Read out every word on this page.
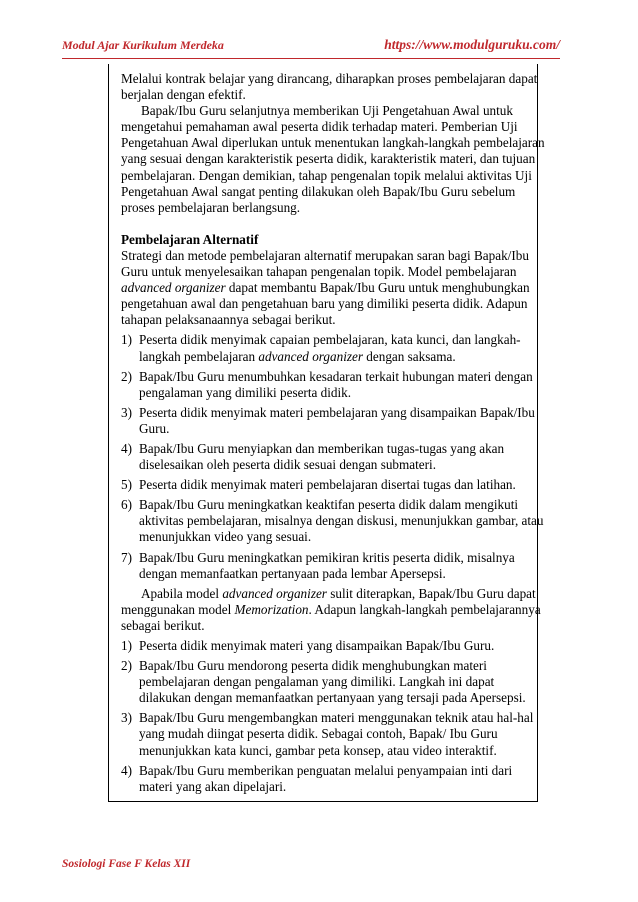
Modul Ajar Kurikulum Merdeka	https://www.modulguruku.com/

Melalui kontrak belajar yang dirancang, diharapkan proses pembelajaran dapat berjalan dengan efektif.

Bapak/Ibu Guru selanjutnya memberikan Uji Pengetahuan Awal untuk mengetahui pemahaman awal peserta didik terhadap materi. Pemberian Uji Pengetahuan Awal diperlukan untuk menentukan langkah-langkah pembelajaran yang sesuai dengan karakteristik peserta didik, karakteristik materi, dan tujuan pembelajaran. Dengan demikian, tahap pengenalan topik melalui aktivitas Uji Pengetahuan Awal sangat penting dilakukan oleh Bapak/Ibu Guru sebelum proses pembelajaran berlangsung.

Pembelajaran Alternatif

Strategi dan metode pembelajaran alternatif merupakan saran bagi Bapak/Ibu Guru untuk menyelesaikan tahapan pengenalan topik. Model pembelajaran advanced organizer dapat membantu Bapak/Ibu Guru untuk menghubungkan pengetahuan awal dan pengetahuan baru yang dimiliki peserta didik. Adapun tahapan pelaksanaannya sebagai berikut.

1) Peserta didik menyimak capaian pembelajaran, kata kunci, dan langkah-langkah pembelajaran advanced organizer dengan saksama.
2) Bapak/Ibu Guru menumbuhkan kesadaran terkait hubungan materi dengan pengalaman yang dimiliki peserta didik.
3) Peserta didik menyimak materi pembelajaran yang disampaikan Bapak/Ibu Guru.
4) Bapak/Ibu Guru menyiapkan dan memberikan tugas-tugas yang akan diselesaikan oleh peserta didik sesuai dengan submateri.
5) Peserta didik menyimak materi pembelajaran disertai tugas dan latihan.
6) Bapak/Ibu Guru meningkatkan keaktifan peserta didik dalam mengikuti aktivitas pembelajaran, misalnya dengan diskusi, menunjukkan gambar, atau menunjukkan video yang sesuai.
7) Bapak/Ibu Guru meningkatkan pemikiran kritis peserta didik, misalnya dengan memanfaatkan pertanyaan pada lembar Apersepsi.

Apabila model advanced organizer sulit diterapkan, Bapak/Ibu Guru dapat menggunakan model Memorization. Adapun langkah-langkah pembelajarannya sebagai berikut.

1) Peserta didik menyimak materi yang disampaikan Bapak/Ibu Guru.
2) Bapak/Ibu Guru mendorong peserta didik menghubungkan materi pembelajaran dengan pengalaman yang dimiliki. Langkah ini dapat dilakukan dengan memanfaatkan pertanyaan yang tersaji pada Apersepsi.
3) Bapak/Ibu Guru mengembangkan materi menggunakan teknik atau hal-hal yang mudah diingat peserta didik. Sebagai contoh, Bapak/ Ibu Guru menunjukkan kata kunci, gambar peta konsep, atau video interaktif.
4) Bapak/Ibu Guru memberikan penguatan melalui penyampaian inti dari materi yang akan dipelajari.
Sosiologi Fase F Kelas XII
